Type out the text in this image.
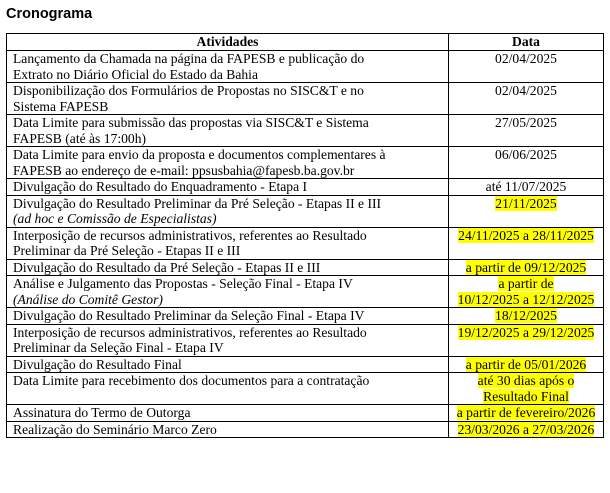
Cronograma
Atividades	Data
Lançamento da Chamada na página da FAPESB e publicação do
Extrato no Diário Oficial do Estado da Bahia	02/04/2025
Disponibilização dos Formulários de Propostas no SISC&T e no
Sistema FAPESB	02/04/2025
Data Limite para submissão das propostas via SISC&T e Sistema
FAPESB (até às 17:00h)	27/05/2025
Data Limite para envio da proposta e documentos complementares à
FAPESB ao endereço de e-mail: ppsusbahia@fapesb.ba.gov.br	06/06/2025
Divulgação do Resultado do Enquadramento - Etapa I	até 11/07/2025
Divulgação do Resultado Preliminar da Pré Seleção - Etapas II e III
(ad hoc e Comissão de Especialistas)	21/11/2025
Interposição de recursos administrativos, referentes ao Resultado
Preliminar da Pré Seleção - Etapas II e III	24/11/2025 a 28/11/2025
Divulgação do Resultado da Pré Seleção - Etapas II e III	a partir de 09/12/2025
Análise e Julgamento das Propostas - Seleção Final - Etapa IV
(Análise do Comitê Gestor)	a partir de
10/12/2025 a 12/12/2025
Divulgação do Resultado Preliminar da Seleção Final - Etapa IV	18/12/2025
Interposição de recursos administrativos, referentes ao Resultado
Preliminar da Seleção Final - Etapa IV	19/12/2025 a 29/12/2025
Divulgação do Resultado Final	a partir de 05/01/2026
Data Limite para recebimento dos documentos para a contratação	até 30 dias após o
Resultado Final
Assinatura do Termo de Outorga	a partir de fevereiro/2026
Realização do Seminário Marco Zero	23/03/2026 a 27/03/2026
